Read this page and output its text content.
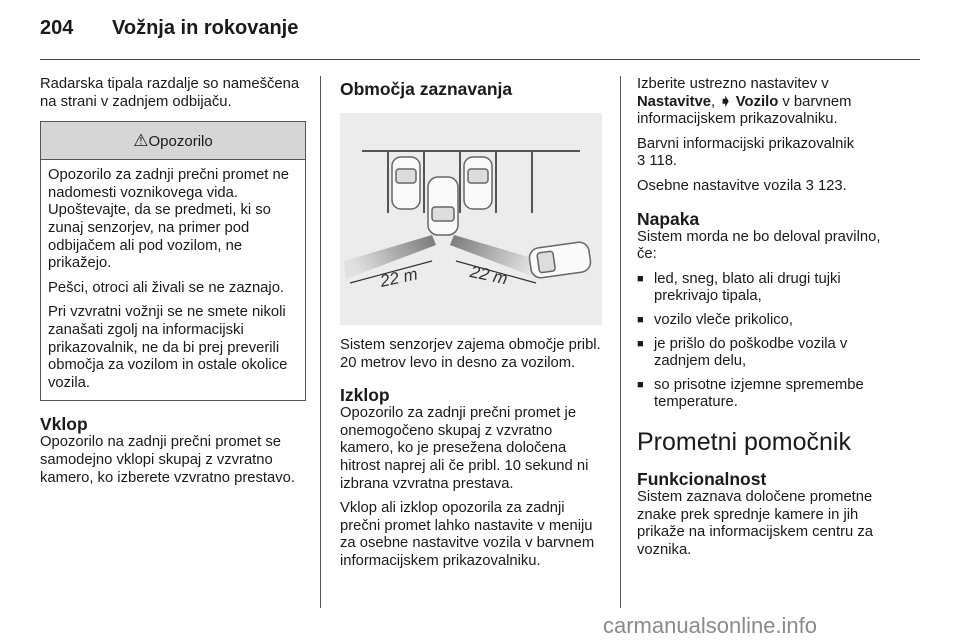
204 Vožnja in rokovanje

Radarska tipala razdalje so nameščena na strani v zadnjem odbijaču.

⚠Opozorilo

Opozorilo za zadnji prečni promet ne nadomesti voznikovega vida. Upoštevajte, da se predmeti, ki so zunaj senzorjev, na primer pod odbijačem ali pod vozilom, ne prikažejo.

Pešci, otroci ali živali se ne zaznajo.

Pri vzvratni vožnji se ne smete nikoli zanašati zgolj na informacijski prikazovalnik, ne da bi prej preverili območja za vozilom in ostale okolice vozila.

Vklop

Opozorilo na zadnji prečni promet se samodejno vklopi skupaj z vzvratno kamero, ko izberete vzvratno prestavo.

Območja zaznavanja
22 m	22 m

Sistem senzorjev zajema območje pribl. 20 metrov levo in desno za vozilom.

Izklop

Opozorilo za zadnji prečni promet je onemogočeno skupaj z vzvratno kamero, ko je presežena določena hitrost naprej ali če pribl. 10 sekund ni izbrana vzvratna prestava.

Vklop ali izklop opozorila za zadnji prečni promet lahko nastavite v meniju za osebne nastavitve vozila v barvnem informacijskem prikazovalniku.

Izberite ustrezno nastavitev v
Nastavitve, ➧ Vozilo v barvnem informacijskem prikazovalniku.

Barvni informacijski prikazovalnik
3 118.

Osebne nastavitve vozila 3 123.

Napaka

Sistem morda ne bo deloval pravilno, če:

■ led, sneg, blato ali drugi tujki prekrivajo tipala,
■ vozilo vleče prikolico,
■ je prišlo do poškodbe vozila v zadnjem delu,
■ so prisotne izjemne spremembe temperature.
Prometni pomočnik
Funkcionalnost

Sistem zaznava določene prometne znake prek sprednje kamere in jih prikaže na informacijskem centru za voznika.

carmanualsonline.info
